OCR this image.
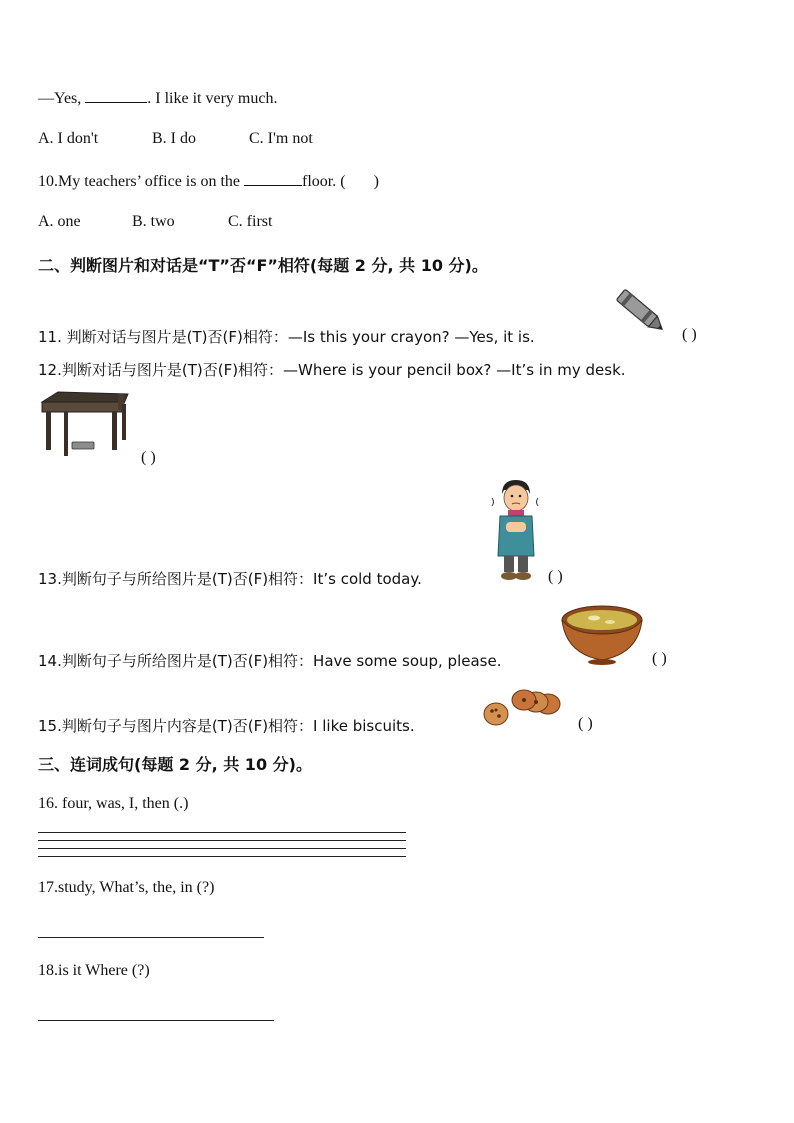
—Yes,	. I like it very much.
A. I don't	B. I do	C. I'm not
10.My teachers’ office is on the	floor. ( )
A. one	B. two	C. first
二、判断图片和对话是“T”否“F”相符(每题 2 分, 共 10 分)。
11. 判断对话与图片是(T)否(F)相符：—Is this your crayon? —Yes, it is.	( )
12.判断对话与图片是(T)否(F)相符：—Where is your pencil box? —It’s in my desk.
( )
13.判断句子与所给图片是(T)否(F)相符：It’s cold today.	( )
14.判断句子与所给图片是(T)否(F)相符：Have some soup, please.	( )
15.判断句子与图片内容是(T)否(F)相符：I like biscuits.	( )
三、连词成句(每题 2 分, 共 10 分)。
16. four, was, I, then (.)
17.study, What’s, the, in (?)
18.is it Where (?)
